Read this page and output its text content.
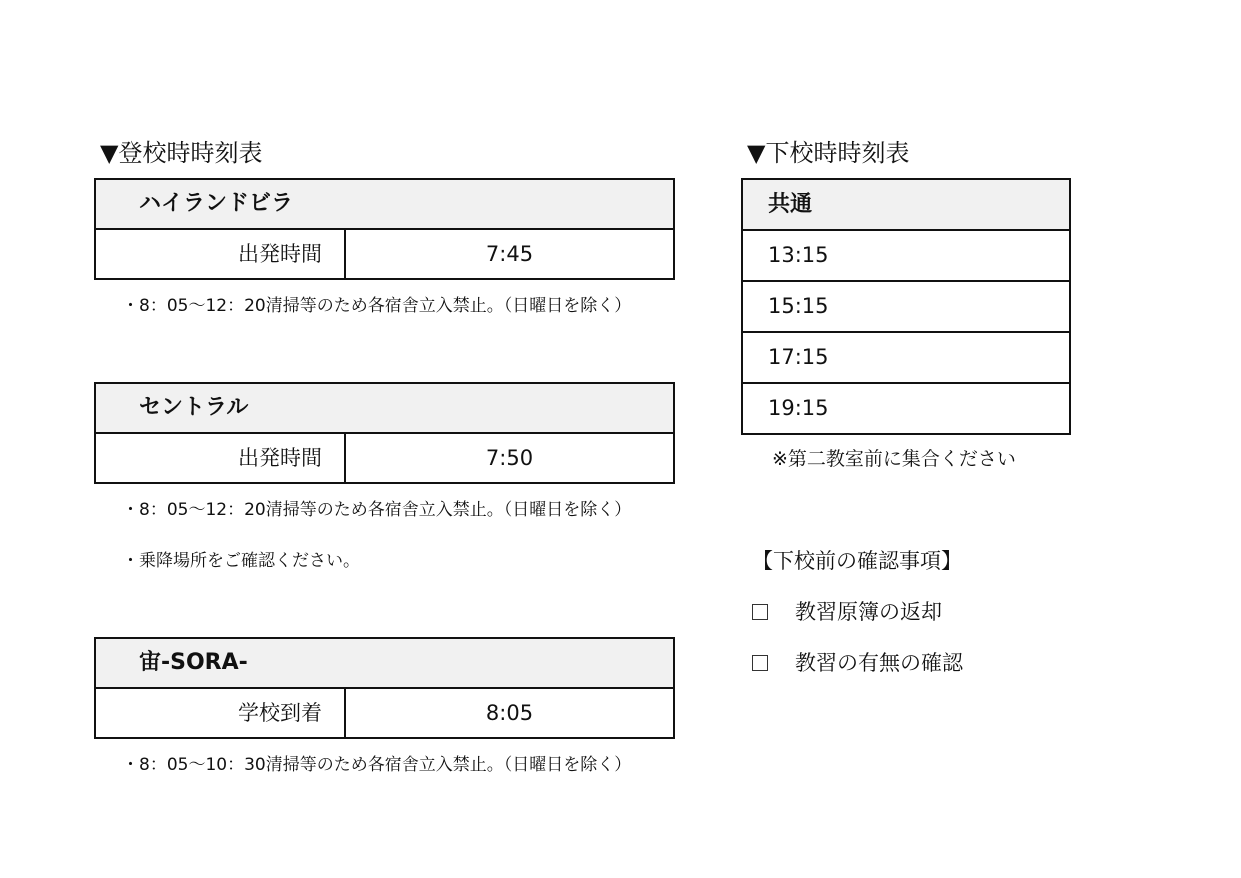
▼登校時時刻表
ハイランドビラ
出発時間	7:45
・8：05～12：20清掃等のため各宿舎立入禁止。（日曜日を除く）
セントラル
出発時間	7:50
・8：05～12：20清掃等のため各宿舎立入禁止。（日曜日を除く）
・乗降場所をご確認ください。
宙-SORA-
学校到着	8:05
・8：05～10：30清掃等のため各宿舎立入禁止。（日曜日を除く）
▼下校時時刻表
共通
13:15
15:15
17:15
19:15
※第二教室前に集合ください
【下校前の確認事項】
教習原簿の返却
教習の有無の確認
